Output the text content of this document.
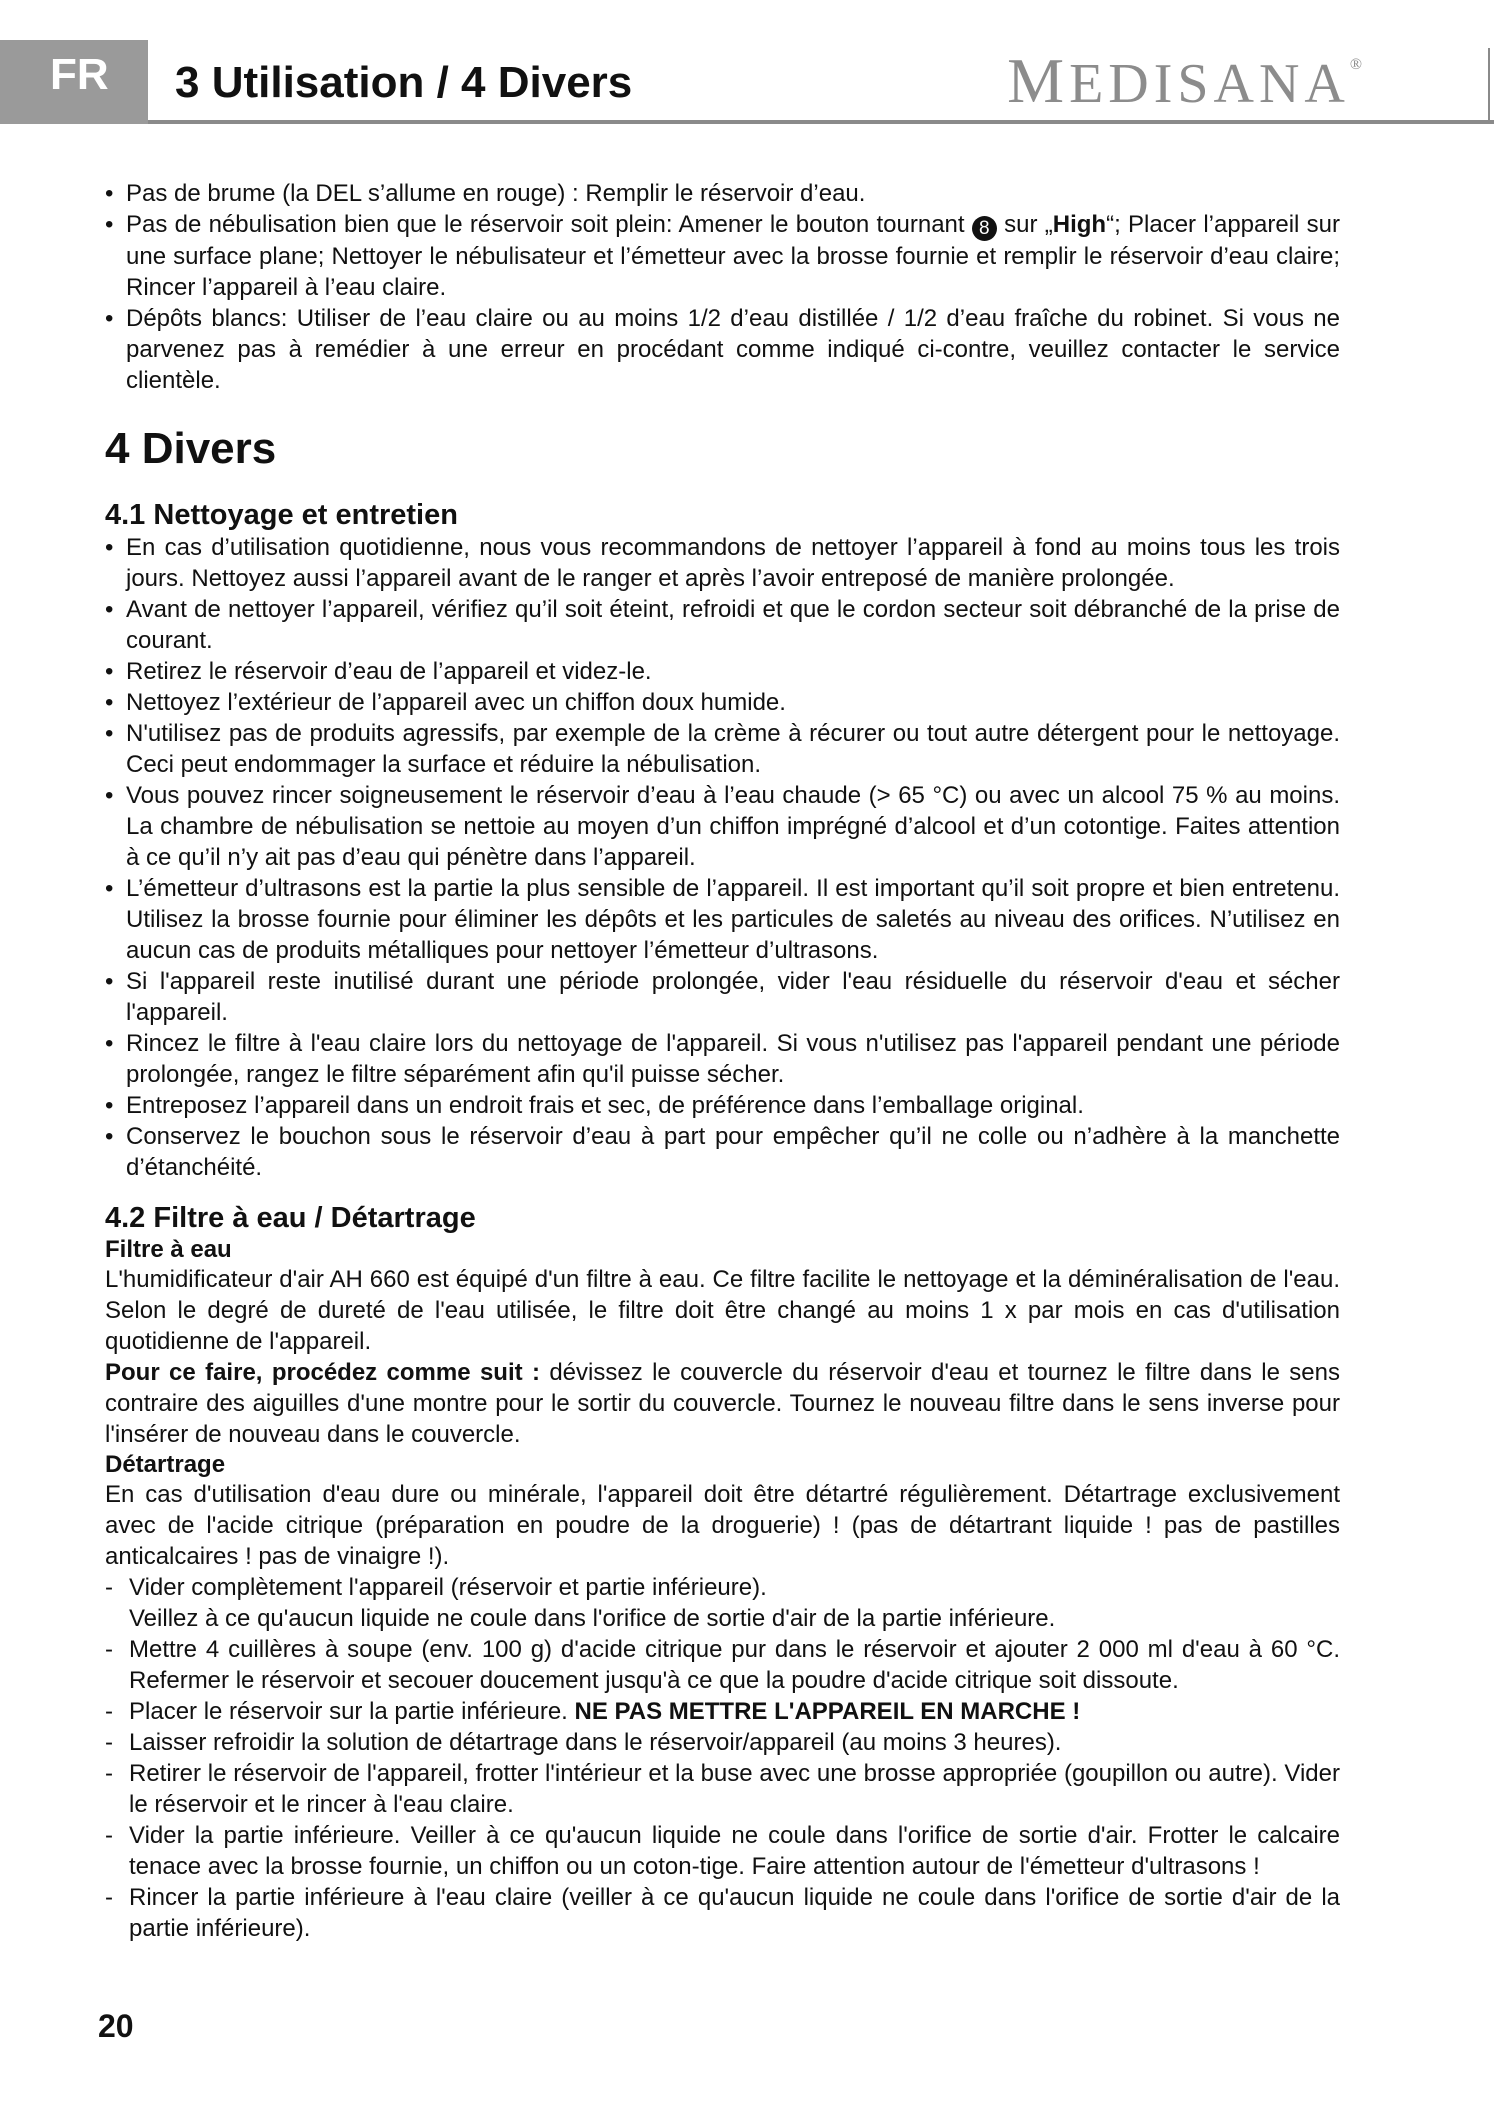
FR	3 Utilisation / 4 Divers	MEDISANA®
• Pas de brume (la DEL s’allume en rouge) : Remplir le réservoir d’eau.
• Pas de nébulisation bien que le réservoir soit plein: Amener le bouton tournant 8 sur „High“; Placer l’appareil sur une surface plane; Nettoyer le nébulisateur et l’émetteur avec la brosse fournie et remplir le réservoir d’eau claire; Rincer l’appareil à l’eau claire.
• Dépôts blancs: Utiliser de l’eau claire ou au moins 1/2 d’eau distillée / 1/2 d’eau fraîche du robinet. Si vous ne parvenez pas à remédier à une erreur en procédant comme indiqué ci-contre, veuillez contacter le service clientèle.
4 Divers
4.1 Nettoyage et entretien
• En cas d’utilisation quotidienne, nous vous recommandons de nettoyer l’appareil à fond au moins tous les trois jours. Nettoyez aussi l’appareil avant de le ranger et après l’avoir entreposé de manière prolongée.
• Avant de nettoyer l’appareil, vérifiez qu’il soit éteint, refroidi et que le cordon secteur soit débranché de la prise de courant.
• Retirez le réservoir d’eau de l’appareil et videz-le.
• Nettoyez l’extérieur de l’appareil avec un chiffon doux humide.
• N'utilisez pas de produits agressifs, par exemple de la crème à récurer ou tout autre détergent pour le nettoyage. Ceci peut endommager la surface et réduire la nébulisation.
• Vous pouvez rincer soigneusement le réservoir d’eau à l’eau chaude (> 65 °C) ou avec un alcool 75 % au moins. La chambre de nébulisation se nettoie au moyen d’un chiffon imprégné d’alcool et d’un cotontige. Faites attention à ce qu’il n’y ait pas d’eau qui pénètre dans l’appareil.
• L’émetteur d’ultrasons est la partie la plus sensible de l’appareil. Il est important qu’il soit propre et bien entretenu. Utilisez la brosse fournie pour éliminer les dépôts et les particules de saletés au niveau des orifices. N’utilisez en aucun cas de produits métalliques pour nettoyer l’émetteur d’ultrasons.
• Si l'appareil reste inutilisé durant une période prolongée, vider l'eau résiduelle du réservoir d'eau et sécher l'appareil.
• Rincez le filtre à l'eau claire lors du nettoyage de l'appareil. Si vous n'utilisez pas l'appareil pendant une période prolongée, rangez le filtre séparément afin qu'il puisse sécher.
• Entreposez l’appareil dans un endroit frais et sec, de préférence dans l’emballage original.
• Conservez le bouchon sous le réservoir d’eau à part pour empêcher qu’il ne colle ou n’adhère à la manchette d’étanchéité.
4.2 Filtre à eau / Détartrage
Filtre à eau

L'humidificateur d'air AH 660 est équipé d'un filtre à eau. Ce filtre facilite le nettoyage et la déminéralisation de l'eau. Selon le degré de dureté de l'eau utilisée, le filtre doit être changé au moins 1 x par mois en cas d'utilisation quotidienne de l'appareil.

Pour ce faire, procédez comme suit : dévissez le couvercle du réservoir d'eau et tournez le filtre dans le sens contraire des aiguilles d'une montre pour le sortir du couvercle. Tournez le nouveau filtre dans le sens inverse pour l'insérer de nouveau dans le couvercle.

Détartrage

En cas d'utilisation d'eau dure ou minérale, l'appareil doit être détartré régulièrement. Détartrage exclusivement avec de l'acide citrique (préparation en poudre de la droguerie) ! (pas de détartrant liquide ! pas de pastilles anticalcaires ! pas de vinaigre !).

- Vider complètement l'appareil (réservoir et partie inférieure).
Veillez à ce qu'aucun liquide ne coule dans l'orifice de sortie d'air de la partie inférieure.
- Mettre 4 cuillères à soupe (env. 100 g) d'acide citrique pur dans le réservoir et ajouter 2 000 ml d'eau à 60 °C. Refermer le réservoir et secouer doucement jusqu'à ce que la poudre d'acide citrique soit dissoute.
- Placer le réservoir sur la partie inférieure. NE PAS METTRE L'APPAREIL EN MARCHE !
- Laisser refroidir la solution de détartrage dans le réservoir/appareil (au moins 3 heures).
- Retirer le réservoir de l'appareil, frotter l'intérieur et la buse avec une brosse appropriée (goupillon ou autre). Vider le réservoir et le rincer à l'eau claire.
- Vider la partie inférieure. Veiller à ce qu'aucun liquide ne coule dans l'orifice de sortie d'air. Frotter le calcaire tenace avec la brosse fournie, un chiffon ou un coton-tige. Faire attention autour de l'émetteur d'ultrasons !
- Rincer la partie inférieure à l'eau claire (veiller à ce qu'aucun liquide ne coule dans l'orifice de sortie d'air de la partie inférieure).
20
